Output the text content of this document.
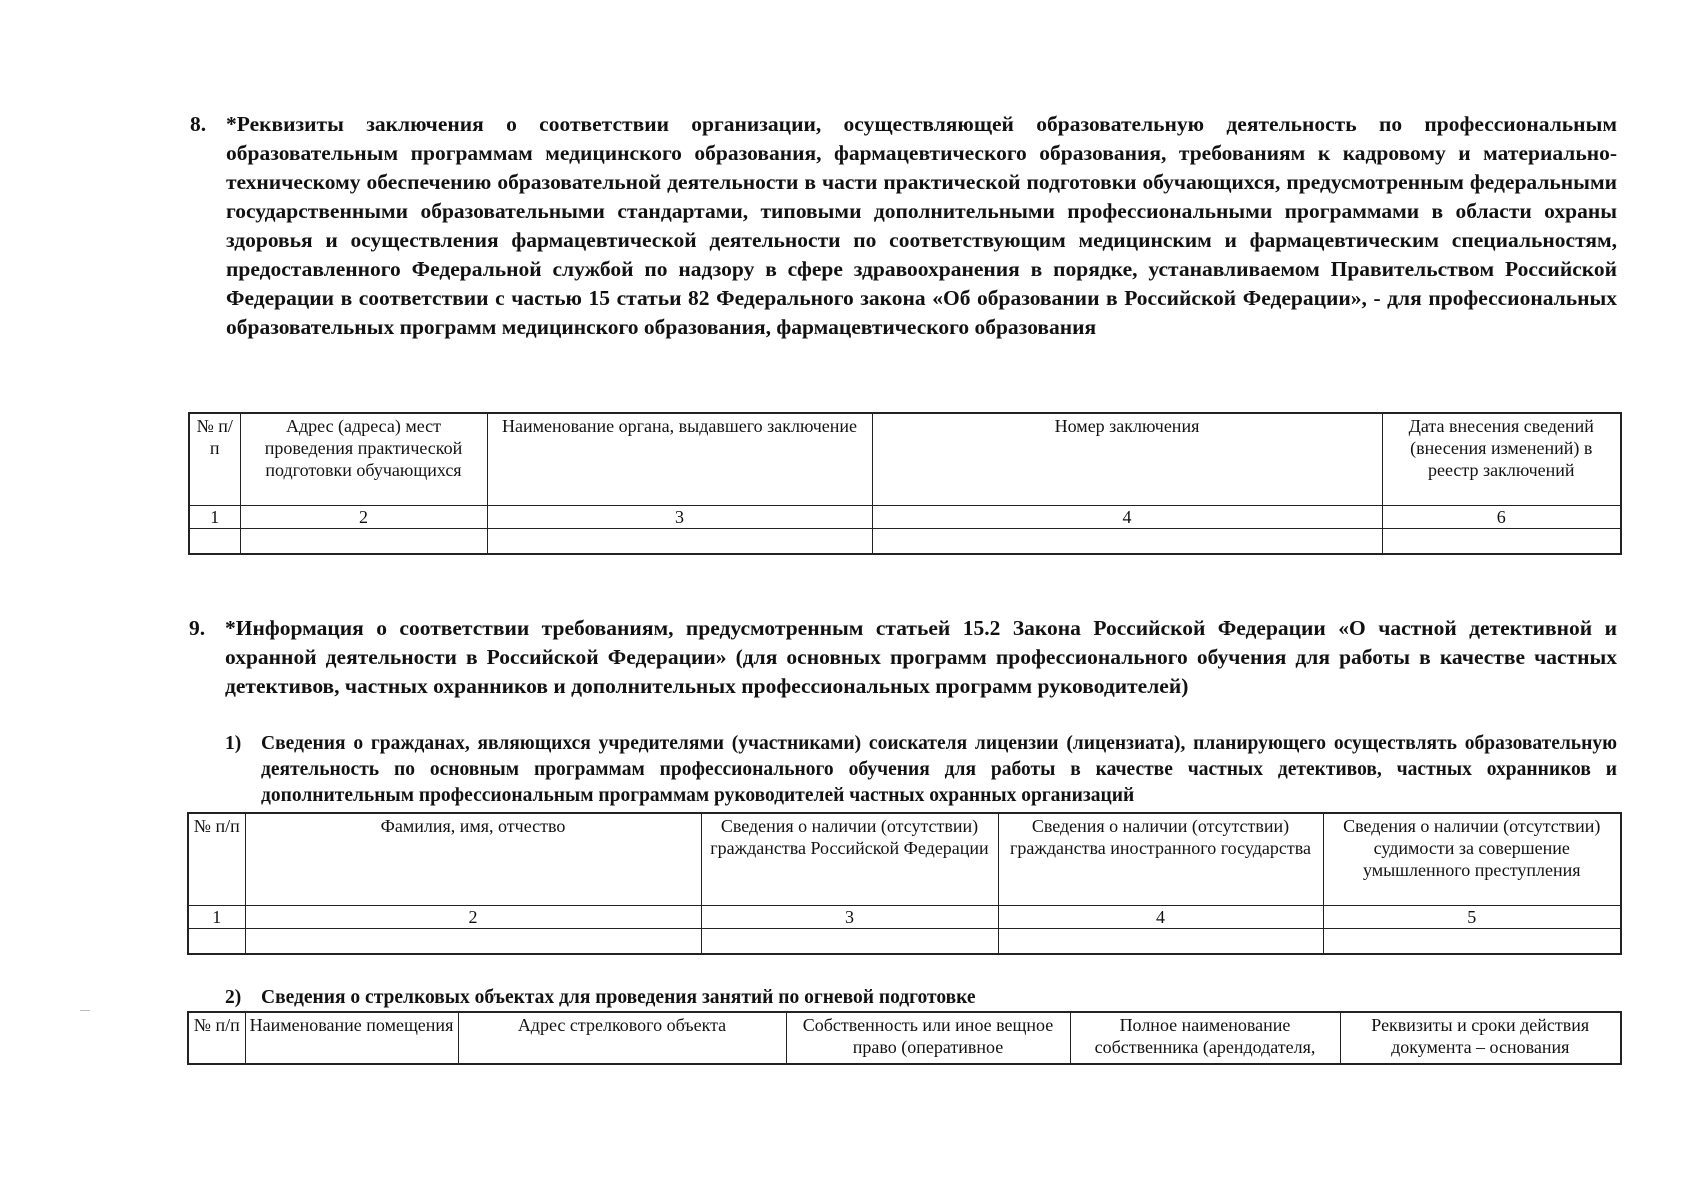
8. *Реквизиты заключения о соответствии организации, осуществляющей образовательную деятельность по профессиональным образовательным программам медицинского образования, фармацевтического образования, требованиям к кадровому и материально-техническому обеспечению образовательной деятельности в части практической подготовки обучающихся, предусмотренным федеральными государственными образовательными стандартами, типовыми дополнительными профессиональными программами в области охраны здоровья и осуществления фармацевтической деятельности по соответствующим медицинским и фармацевтическим специальностям, предоставленного Федеральной службой по надзору в сфере здравоохранения в порядке, устанавливаемом Правительством Российской Федерации в соответствии с частью 15 статьи 82 Федерального закона «Об образовании в Российской Федерации», - для профессиональных образовательных программ медицинского образования, фармацевтического образования
№ п/п	Адрес (адреса) мест проведения практической подготовки обучающихся	Наименование органа, выдавшего заключение	Номер заключения	Дата внесения сведений (внесения изменений) в реестр заключений
1	2	3	4	6

9. *Информация о соответствии требованиям, предусмотренным статьей 15.2 Закона Российской Федерации «О частной детективной и охранной деятельности в Российской Федерации» (для основных программ профессионального обучения для работы в качестве частных детективов, частных охранников и дополнительных профессиональных программ руководителей)
1) Сведения о гражданах, являющихся учредителями (участниками) соискателя лицензии (лицензиата), планирующего осуществлять образовательную деятельность по основным программам профессионального обучения для работы в качестве частных детективов, частных охранников и дополнительным профессиональным программам руководителей частных охранных организаций
№ п/п	Фамилия, имя, отчество	Сведения о наличии (отсутствии) гражданства Российской Федерации	Сведения о наличии (отсутствии) гражданства иностранного государства	Сведения о наличии (отсутствии) судимости за совершение умышленного преступления
1	2	3	4	5

2) Сведения о стрелковых объектах для проведения занятий по огневой подготовке
№ п/п	Наименование помещения	Адрес стрелкового объекта	Собственность или иное вещное право (оперативное	Полное наименование собственника (арендодателя,	Реквизиты и сроки действия документа – основания
